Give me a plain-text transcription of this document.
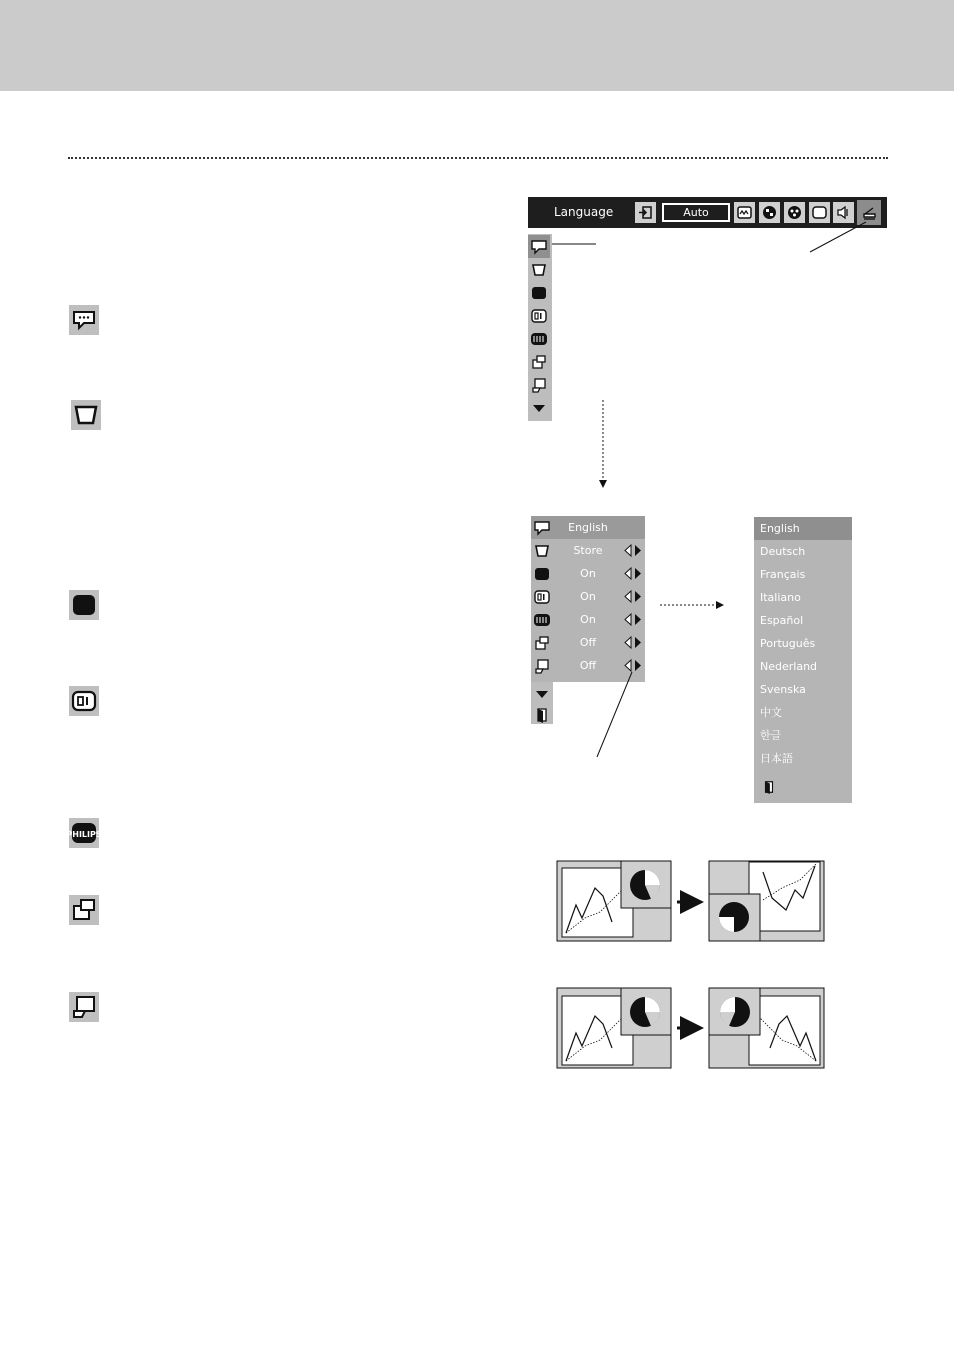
PHILIPS
Language	Auto
English
Store
On
On
On
Off
Off
English
Deutsch
Français
Italiano
Español
Português
Nederland
Svenska
中文
한글
日本語
